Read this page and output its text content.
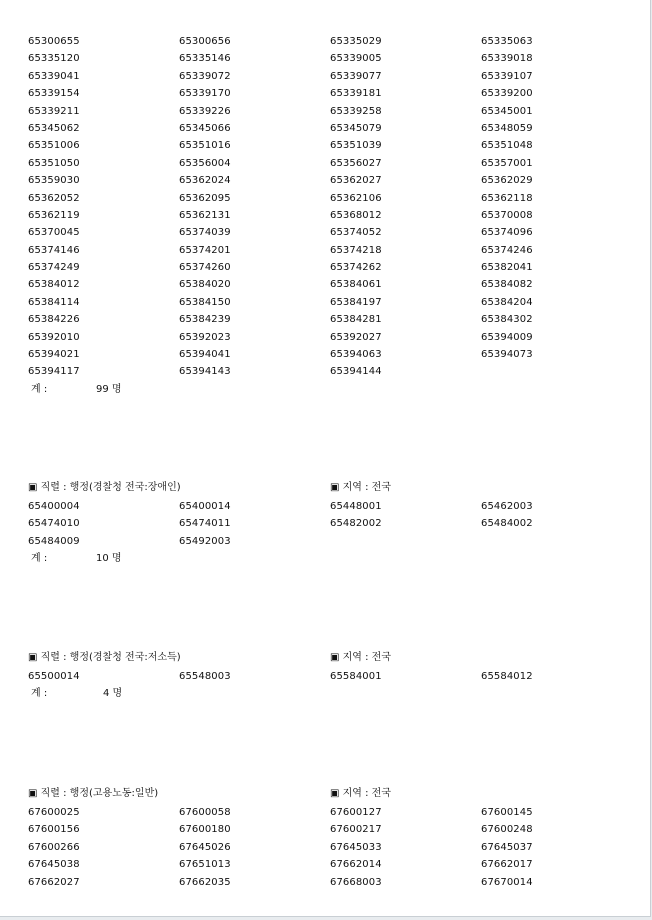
65300655	65300656	65335029	65335063
65335120	65335146	65339005	65339018
65339041	65339072	65339077	65339107
65339154	65339170	65339181	65339200
65339211	65339226	65339258	65345001
65345062	65345066	65345079	65348059
65351006	65351016	65351039	65351048
65351050	65356004	65356027	65357001
65359030	65362024	65362027	65362029
65362052	65362095	65362106	65362118
65362119	65362131	65368012	65370008
65370045	65374039	65374052	65374096
65374146	65374201	65374218	65374246
65374249	65374260	65374262	65382041
65384012	65384020	65384061	65384082
65384114	65384150	65384197	65384204
65384226	65384239	65384281	65384302
65392010	65392023	65392027	65394009
65394021	65394041	65394063	65394073
65394117	65394143	65394144
계 :	99 명
▣ 직렬 : 행정(경찰청 전국:장애인)	▣ 지역 : 전국
65400004	65400014	65448001	65462003
65474010	65474011	65482002	65484002
65484009	65492003
계 :	10 명
▣ 직렬 : 행정(경찰청 전국:저소득)	▣ 지역 : 전국
65500014	65548003	65584001	65584012
계 :	4 명
▣ 직렬 : 행정(고용노동:일반)	▣ 지역 : 전국
67600025	67600058	67600127	67600145
67600156	67600180	67600217	67600248
67600266	67645026	67645033	67645037
67645038	67651013	67662014	67662017
67662027	67662035	67668003	67670014
